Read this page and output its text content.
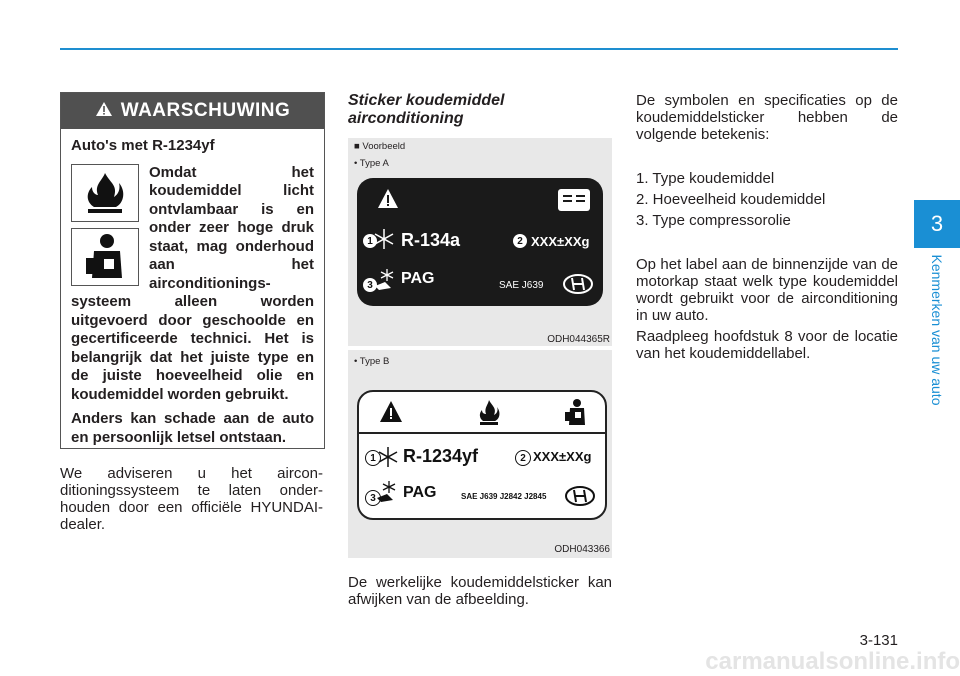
3
Kenmerken van uw auto
WAARSCHUWING
Auto's met R-1234yf
Omdat het koudemiddel licht ontvlambaar is en onder zeer hoge druk staat, mag onderhoud aan het airconditionings-systeem alleen worden uitgevoerd door geschoolde en gecertificeerde technici. Het is belangrijk dat het juiste type en de juiste hoeveelheid olie en koudemiddel worden gebruikt.
Anders kan schade aan de auto en persoonlijk letsel ontstaan.
We adviseren u het aircon-ditioningssysteem te laten onder-houden door een officiële HYUNDAI-dealer.
Sticker koudemiddel
airconditioning
■ Voorbeeld
• Type A
1 R-134a	2 XXX±XXg
3 PAG	SAE J639
ODH044365R
• Type B
1 R-1234yf	2 XXX±XXg
3	PAG	SAE J639 J2842 J2845
ODH043366
De werkelijke koudemiddelsticker kan afwijken van de afbeelding.
De symbolen en specificaties op de koudemiddelsticker hebben de volgende betekenis:
1. Type koudemiddel
2. Hoeveelheid koudemiddel
3. Type compressorolie
Op het label aan de binnenzijde van de motorkap staat welk type koudemiddel wordt gebruikt voor de airconditioning in uw auto.
Raadpleeg hoofdstuk 8 voor de locatie van het koudemiddellabel.
3-131
carmanualsonline.info
